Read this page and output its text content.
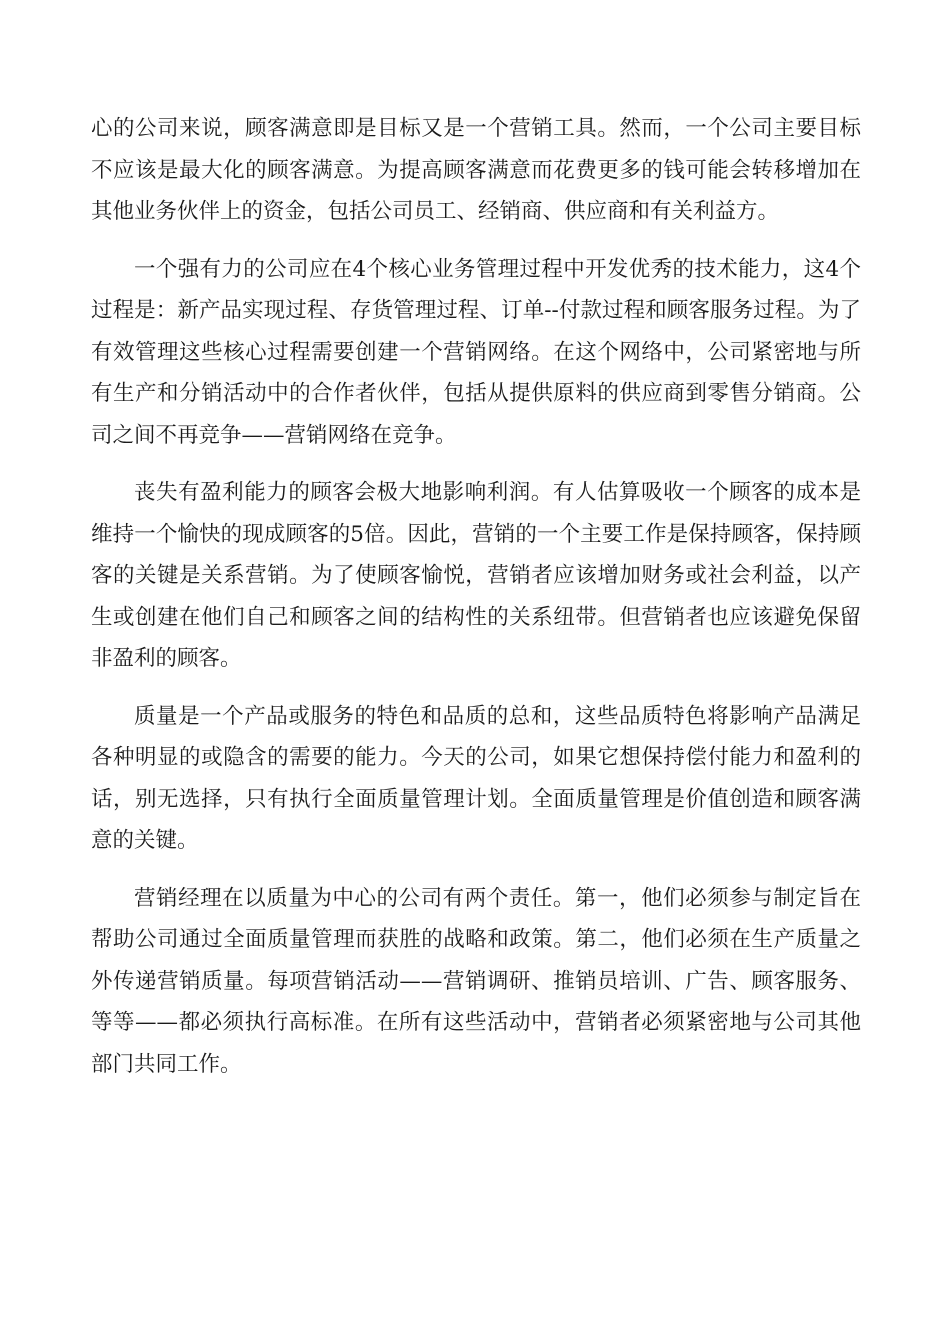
心的公司来说，顾客满意即是目标又是一个营销工具。然而，一个公司主要目标不应该是最大化的顾客满意。为提高顾客满意而花费更多的钱可能会转移增加在其他业务伙伴上的资金，包括公司员工、经销商、供应商和有关利益方。

一个强有力的公司应在4个核心业务管理过程中开发优秀的技术能力，这4个过程是：新产品实现过程、存货管理过程、订单--付款过程和顾客服务过程。为了有效管理这些核心过程需要创建一个营销网络。在这个网络中，公司紧密地与所有生产和分销活动中的合作者伙伴，包括从提供原料的供应商到零售分销商。公司之间不再竞争——营销网络在竞争。

丧失有盈利能力的顾客会极大地影响利润。有人估算吸收一个顾客的成本是维持一个愉快的现成顾客的5倍。因此，营销的一个主要工作是保持顾客，保持顾客的关键是关系营销。为了使顾客愉悦，营销者应该增加财务或社会利益，以产生或创建在他们自己和顾客之间的结构性的关系纽带。但营销者也应该避免保留非盈利的顾客。

质量是一个产品或服务的特色和品质的总和，这些品质特色将影响产品满足各种明显的或隐含的需要的能力。今天的公司，如果它想保持偿付能力和盈利的话，别无选择，只有执行全面质量管理计划。全面质量管理是价值创造和顾客满意的关键。

营销经理在以质量为中心的公司有两个责任。第一，他们必须参与制定旨在帮助公司通过全面质量管理而获胜的战略和政策。第二，他们必须在生产质量之外传递营销质量。每项营销活动——营销调研、推销员培训、广告、顾客服务、等等——都必须执行高标准。在所有这些活动中，营销者必须紧密地与公司其他部门共同工作。
